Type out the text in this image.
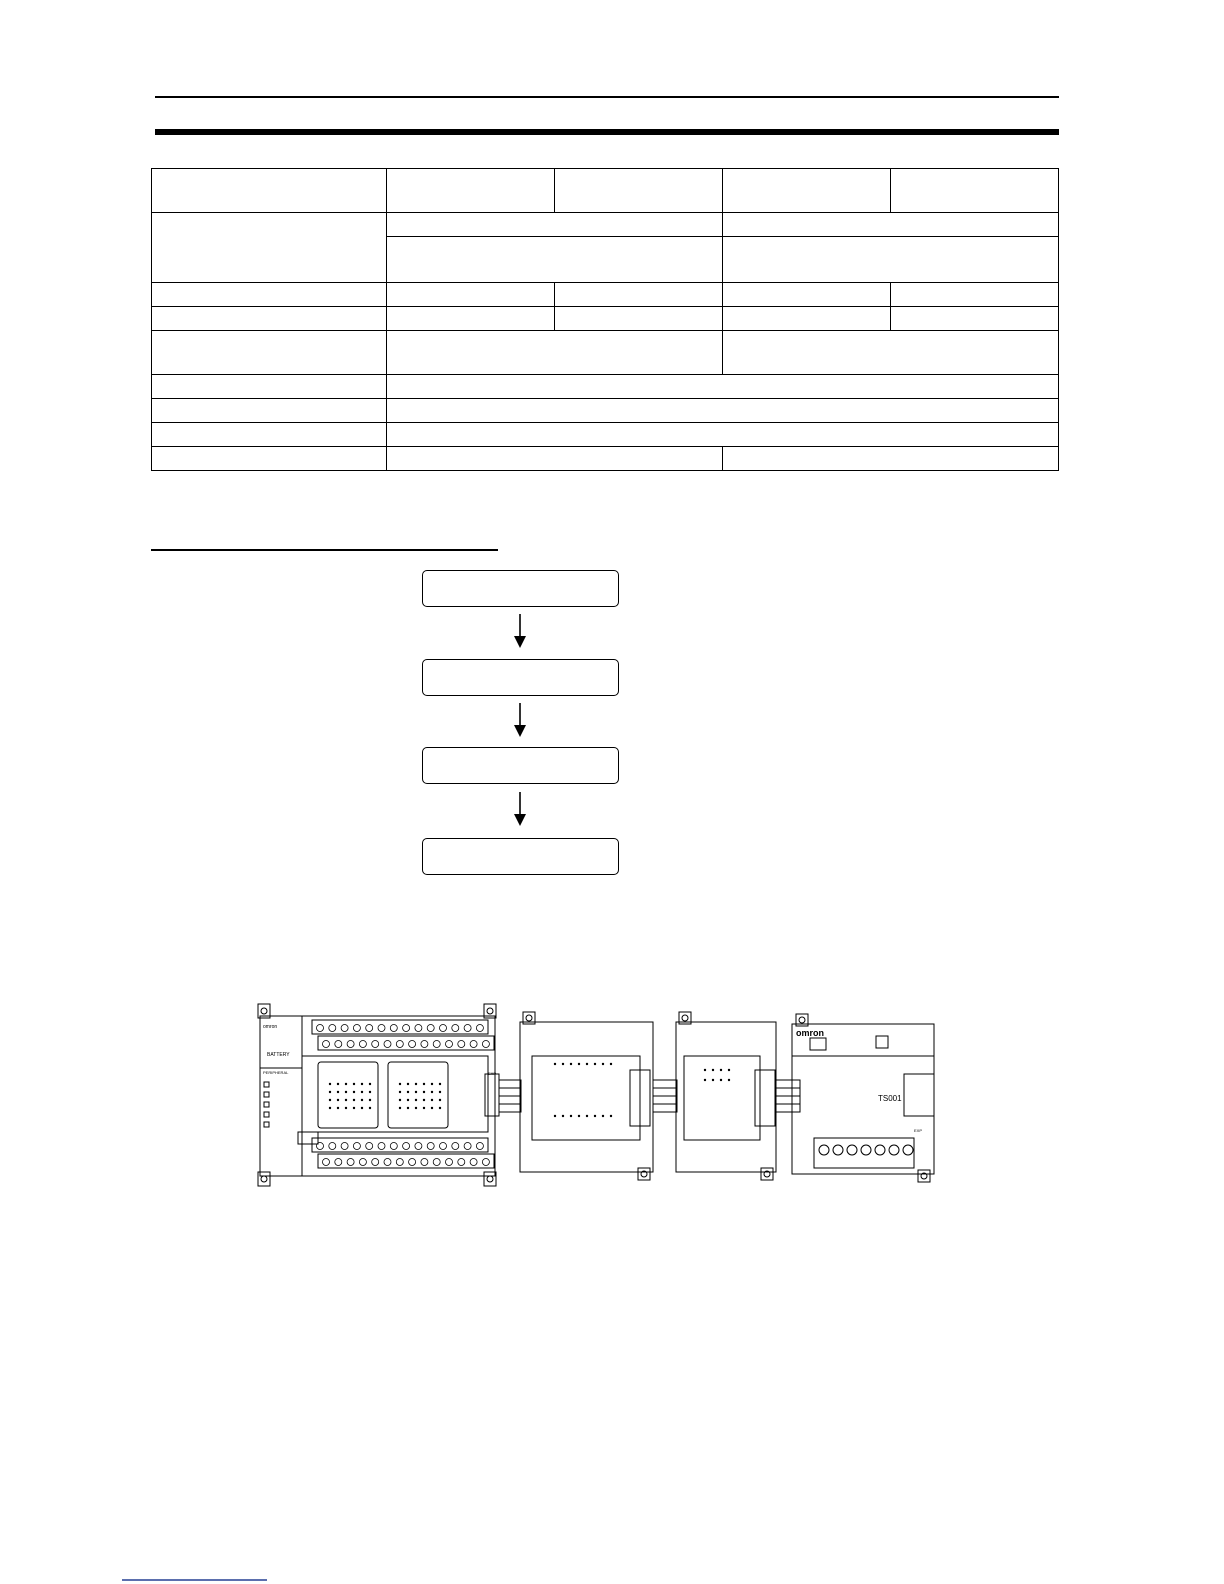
omron
BATTERY
PERIPHERAL	EXP
omron
TS001
EXP
